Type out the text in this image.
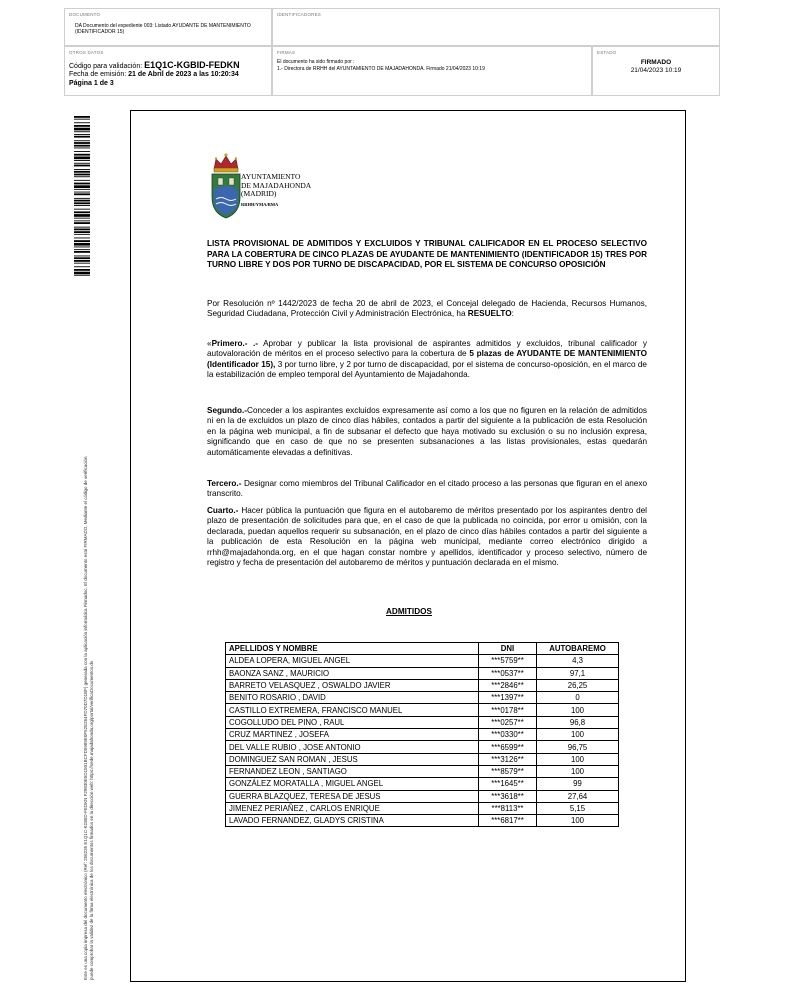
DOCUMENTO
DA Documento del expediente 003: Listado AYUDANTE DE MANTENIMIENTO (IDENTIFICADOR 15)
IDENTIFICADORES
OTROS DATOS
Código para validación: E1Q1C-KGBID-FEDKN
Fecha de emisión: 21 de Abril de 2023 a las 10:20:34
Página 1 de 3
FIRMAS
El documento ha sido firmado por :
1.- Directora de RRHH del AYUNTAMIENTO DE MAJADAHONDA. Firmado 21/04/2023 10:19
ESTADO
FIRMADO
21/04/2023 10:19
Este es una copia impresa del documento electrónico (Ref: 256235 E1Q1C-KGBID-FEDKN F29830E5D1501BCFD5989E0F52E264FD70D7D1BF) generada con la aplicación informática Firmadoc. El documento está FIRMADO. Mediante el código de verificación puede comprobar la validez de la firma electrónica de los documentos firmados en la dirección web: https://sede.majadahonda.org/portal/verificaDocumentos.do
AYUNTAMIENTO
DE MAJADAHONDA
(MADRID)
RRHH/YMA/BMA
LISTA PROVISIONAL DE ADMITIDOS Y EXCLUIDOS Y TRIBUNAL CALIFICADOR EN EL PROCESO SELECTIVO PARA LA COBERTURA DE CINCO PLAZAS DE AYUDANTE DE MANTENIMIENTO (IDENTIFICADOR 15) TRES POR TURNO LIBRE Y DOS POR TURNO DE DISCAPACIDAD, POR EL SISTEMA DE CONCURSO OPOSICIÓN
Por Resolución nº 1442/2023 de fecha 20 de abril de 2023, el Concejal delegado de Hacienda, Recursos Humanos, Seguridad Ciudadana, Protección Civil y Administración Electrónica, ha RESUELTO:
«Primero.- .- Aprobar y publicar la lista provisional de aspirantes admitidos y excluidos, tribunal calificador y autovaloración de méritos en el proceso selectivo para la cobertura de 5 plazas de AYUDANTE DE MANTENIMIENTO (Identificador 15), 3 por turno libre, y 2 por turno de discapacidad, por el sistema de concurso-oposición, en el marco de la estabilización de empleo temporal del Ayuntamiento de Majadahonda.
Segundo.-Conceder a los aspirantes excluidos expresamente así como a los que no figuren en la relación de admitidos ni en la de excluidos un plazo de cinco días hábiles, contados a partir del siguiente a la publicación de esta Resolución en la página web municipal, a fin de subsanar el defecto que haya motivado su exclusión o su no inclusión expresa, significando que en caso de que no se presenten subsanaciones a las listas provisionales, estas quedarán automáticamente elevadas a definitivas.
Tercero.- Designar como miembros del Tribunal Calificador en el citado proceso a las personas que figuran en el anexo transcrito.
Cuarto.- Hacer pública la puntuación que figura en el autobaremo de méritos presentado por los aspirantes dentro del plazo de presentación de solicitudes para que, en el caso de que la publicada no coincida, por error u omisión, con la declarada, puedan aquellos requerir su subsanación, en el plazo de cinco días hábiles contados a partir del siguiente a la publicación de esta Resolución en la página web municipal, mediante correo electrónico dirigido a rrhh@majadahonda.org, en el que hagan constar nombre y apellidos, identificador y proceso selectivo, número de registro y fecha de presentación del autobaremo de méritos y puntuación declarada en el mismo.
ADMITIDOS
APELLIDOS Y NOMBRE	DNI	AUTOBAREMO
ALDEA LOPERA, MIGUEL ANGEL	***5759**	4,3
BAONZA SANZ , MAURICIO	***0537**	97,1
BARRETO VELASQUEZ , OSWALDO JAVIER	***2846**	26,25
BENITO ROSARIO , DAVID	***1397**	0
CASTILLO EXTREMERA, FRANCISCO MANUEL	***0178**	100
COGOLLUDO DEL PINO , RAUL	***0257**	96,8
CRUZ MARTINEZ , JOSEFA	***0330**	100
DEL VALLE RUBIO , JOSE ANTONIO	***6599**	96,75
DOMINGUEZ SAN ROMAN , JESUS	***3126**	100
FERNANDEZ LEON , SANTIAGO	***8579**	100
GONZÁLEZ MORATALLA , MIGUEL ANGEL	***1645**	99
GUERRA BLAZQUEZ, TERESA DE JESUS	***3618**	27,64
JIMENEZ PERIAÑEZ , CARLOS ENRIQUE	***8113**	5,15
LAVADO FERNANDEZ, GLADYS CRISTINA	***6817**	100
